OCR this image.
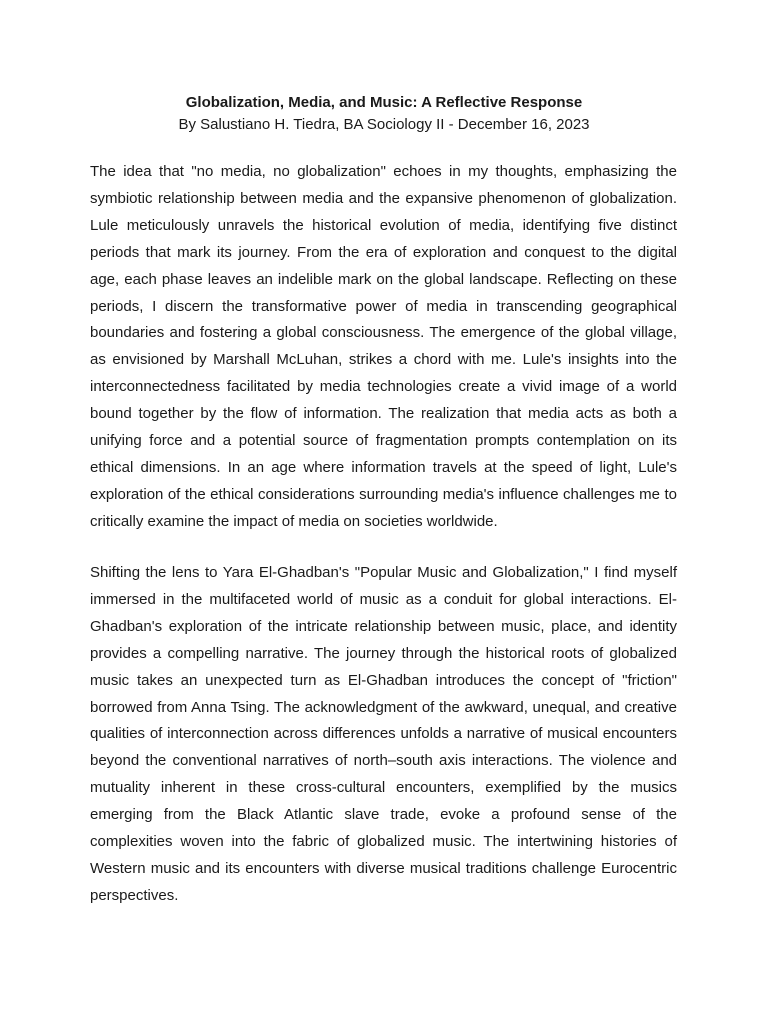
Globalization, Media, and Music: A Reflective Response

By Salustiano H. Tiedra, BA Sociology II - December 16, 2023

The idea that "no media, no globalization" echoes in my thoughts, emphasizing the symbiotic relationship between media and the expansive phenomenon of globalization. Lule meticulously unravels the historical evolution of media, identifying five distinct periods that mark its journey. From the era of exploration and conquest to the digital age, each phase leaves an indelible mark on the global landscape. Reflecting on these periods, I discern the transformative power of media in transcending geographical boundaries and fostering a global consciousness. The emergence of the global village, as envisioned by Marshall McLuhan, strikes a chord with me. Lule's insights into the interconnectedness facilitated by media technologies create a vivid image of a world bound together by the flow of information. The realization that media acts as both a unifying force and a potential source of fragmentation prompts contemplation on its ethical dimensions. In an age where information travels at the speed of light, Lule's exploration of the ethical considerations surrounding media's influence challenges me to critically examine the impact of media on societies worldwide.

Shifting the lens to Yara El-Ghadban's "Popular Music and Globalization," I find myself immersed in the multifaceted world of music as a conduit for global interactions. El-Ghadban's exploration of the intricate relationship between music, place, and identity provides a compelling narrative. The journey through the historical roots of globalized music takes an unexpected turn as El-Ghadban introduces the concept of "friction" borrowed from Anna Tsing. The acknowledgment of the awkward, unequal, and creative qualities of interconnection across differences unfolds a narrative of musical encounters beyond the conventional narratives of north–south axis interactions. The violence and mutuality inherent in these cross-cultural encounters, exemplified by the musics emerging from the Black Atlantic slave trade, evoke a profound sense of the complexities woven into the fabric of globalized music. The intertwining histories of Western music and its encounters with diverse musical traditions challenge Eurocentric perspectives.
